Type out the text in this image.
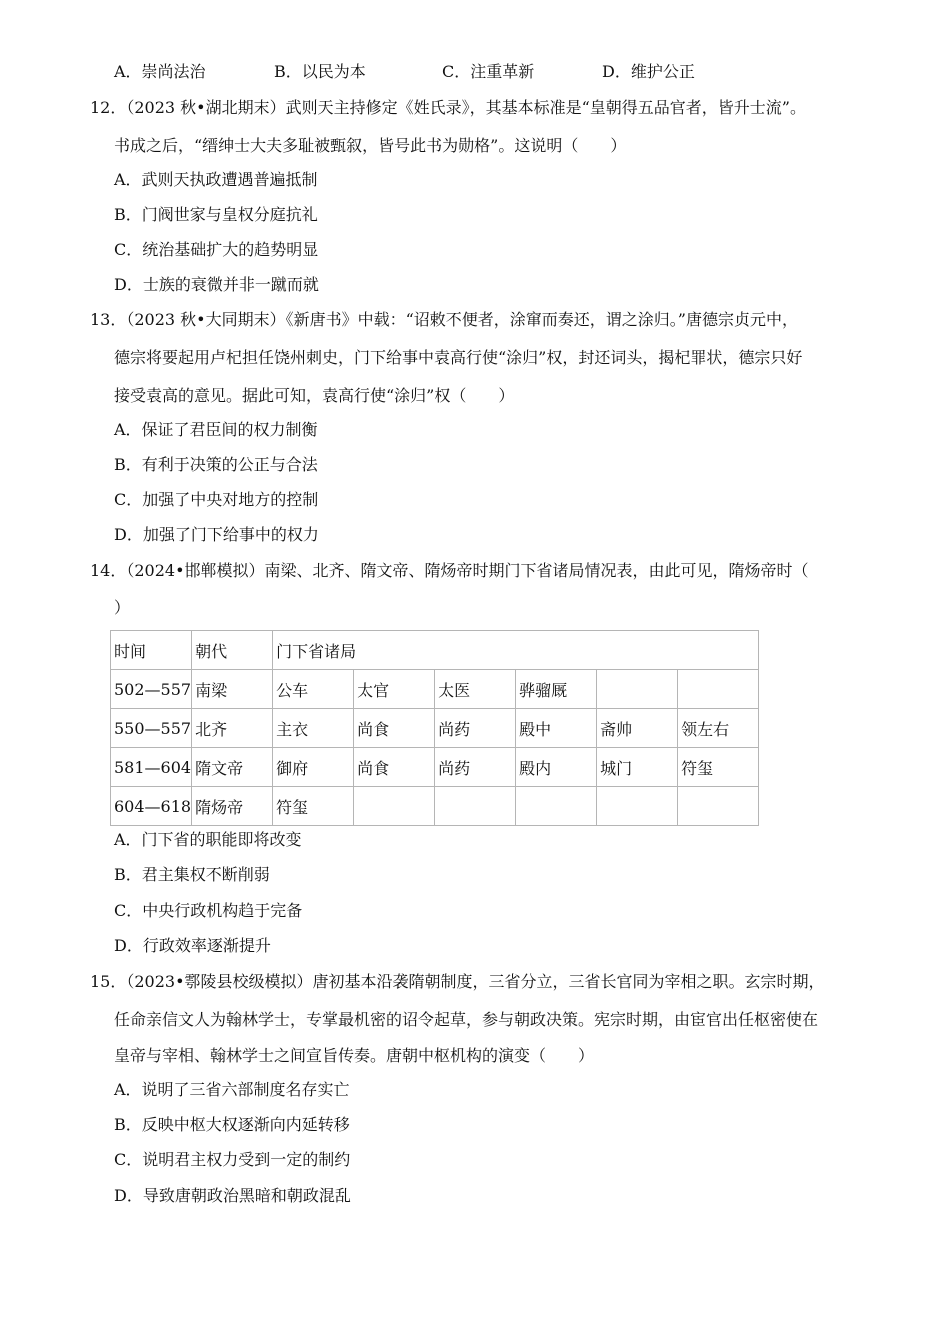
A．崇尚法治	B．以民为本	C．注重革新	D．维护公正
12．（2023 秋•湖北期末）武则天主持修定《姓氏录》，其基本标准是“皇朝得五品官者，皆升士流”。
书成之后，“缙绅士大夫多耻被甄叙，皆号此书为勋格”。这说明（　　）
A．武则天执政遭遇普遍抵制
B．门阀世家与皇权分庭抗礼
C．统治基础扩大的趋势明显
D．士族的衰微并非一蹴而就
13．（2023 秋•大同期末）《新唐书》中载：“诏敕不便者，涂窜而奏还，谓之涂归。”唐德宗贞元中，
德宗将要起用卢杞担任饶州刺史，门下给事中袁高行使“涂归”权，封还词头，揭杞罪状，德宗只好
接受袁高的意见。据此可知，袁高行使“涂归”权（　　）
A．保证了君臣间的权力制衡
B．有利于决策的公正与合法
C．加强了中央对地方的控制
D．加强了门下给事中的权力
14．（2024•邯郸模拟）南梁、北齐、隋文帝、隋炀帝时期门下省诸局情况表，由此可见，隋炀帝时（
）
时间	朝代	门下省诸局					
502—557	南梁	公车	太官	太医	骅骝厩		
550—557	北齐	主衣	尚食	尚药	殿中	斋帅	领左右
581—604	隋文帝	御府	尚食	尚药	殿内	城门	符玺
604—618	隋炀帝	符玺					
A．门下省的职能即将改变
B．君主集权不断削弱
C．中央行政机构趋于完备
D．行政效率逐渐提升
15．（2023•鄠陵县校级模拟）唐初基本沿袭隋朝制度，三省分立，三省长官同为宰相之职。玄宗时期，
任命亲信文人为翰林学士，专掌最机密的诏令起草，参与朝政决策。宪宗时期，由宦官出任枢密使在
皇帝与宰相、翰林学士之间宣旨传奏。唐朝中枢机构的演变（　　）
A．说明了三省六部制度名存实亡
B．反映中枢大权逐渐向内延转移
C．说明君主权力受到一定的制约
D．导致唐朝政治黑暗和朝政混乱
